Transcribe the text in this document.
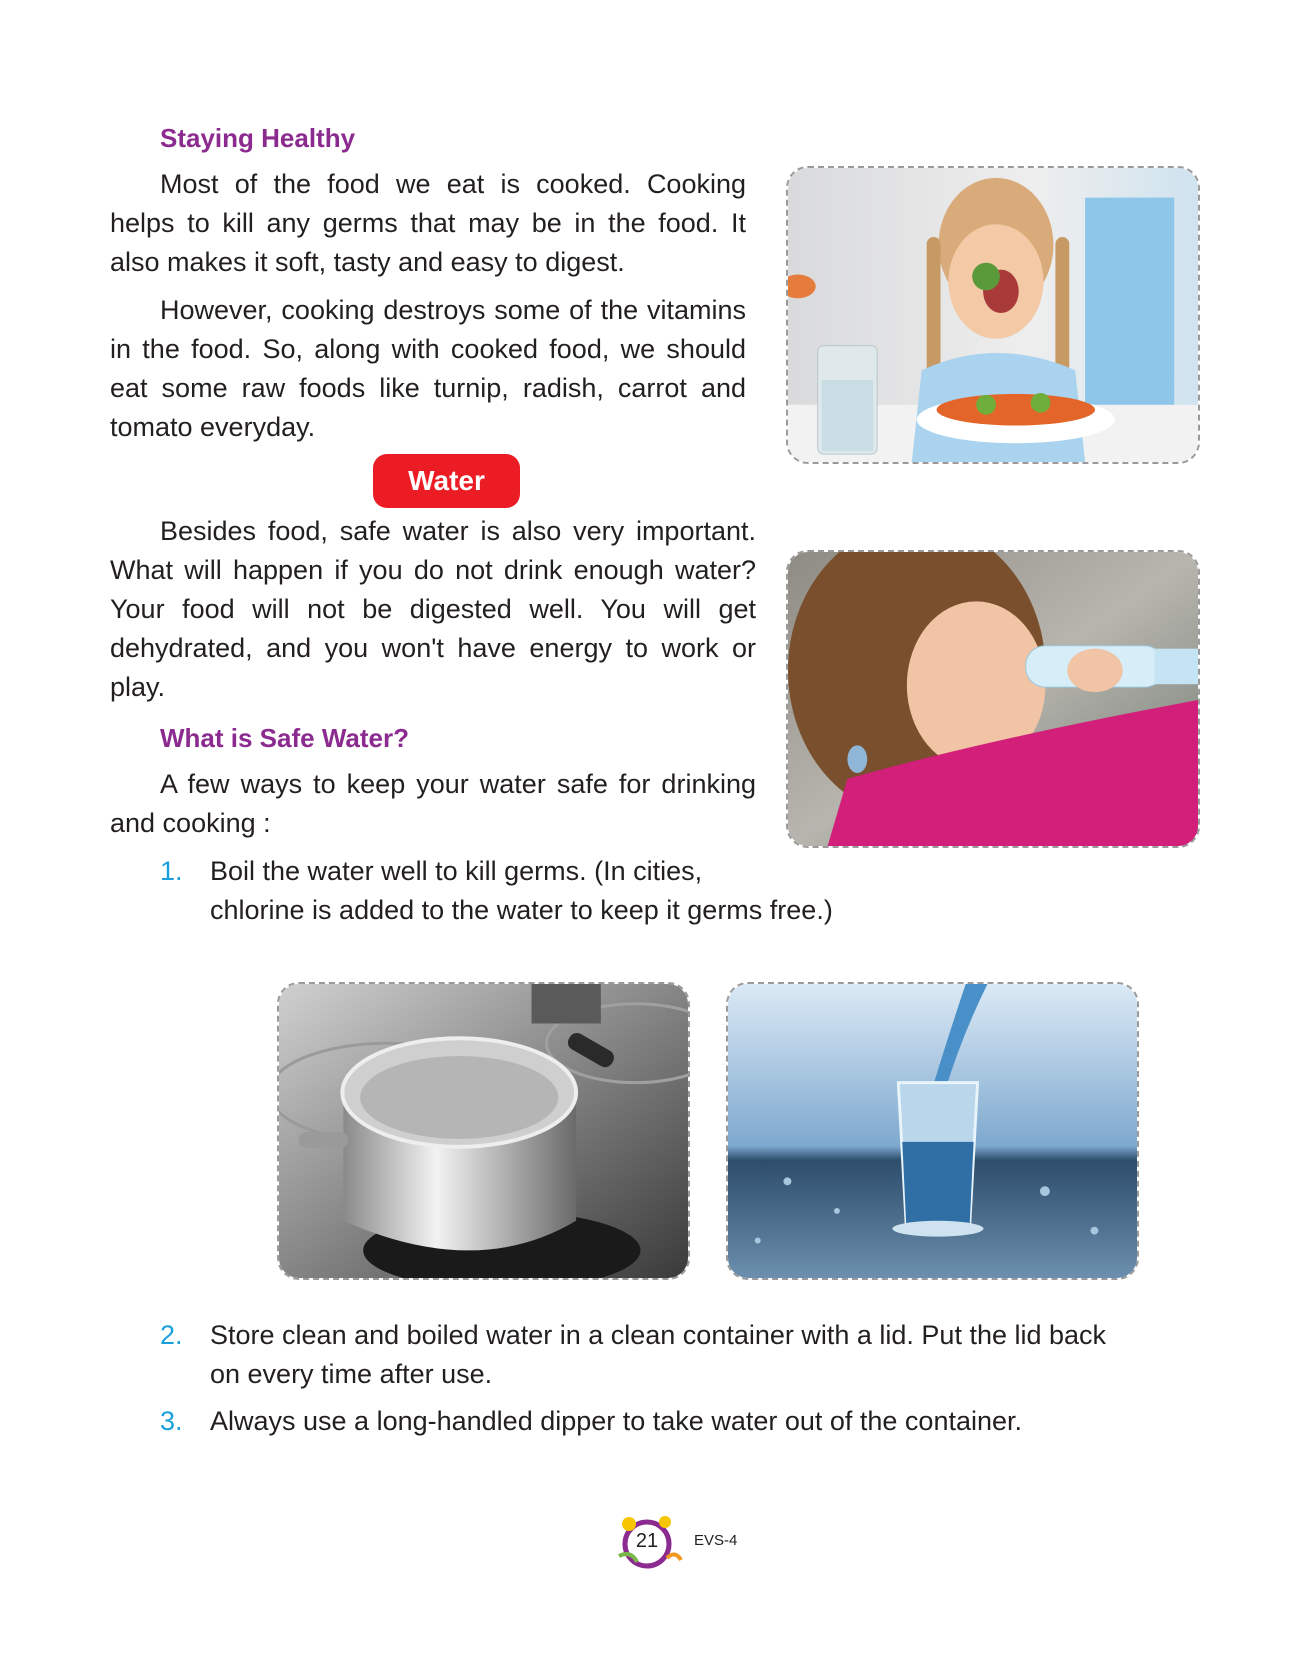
Staying Healthy
Most of the food we eat is cooked. Cooking helps to kill any germs that may be in the food. It also makes it soft, tasty and easy to digest.
However, cooking destroys some of the vitamins in the food. So, along with cooked food, we should eat some raw foods like turnip, radish, carrot and tomato everyday.
Water
Besides food, safe water is also very important. What will happen if you do not drink enough water? Your food will not be digested well. You will get dehydrated, and you won't have energy to work or play.
What is Safe Water?
A few ways to keep your water safe for drinking and cooking :
1. Boil the water well to kill germs. (In cities,
chlorine is added to the water to keep it germs free.)
2. Store clean and boiled water in a clean container with a lid. Put the lid back
on every time after use.
3. Always use a long-handled dipper to take water out of the container.
21	EVS-4
